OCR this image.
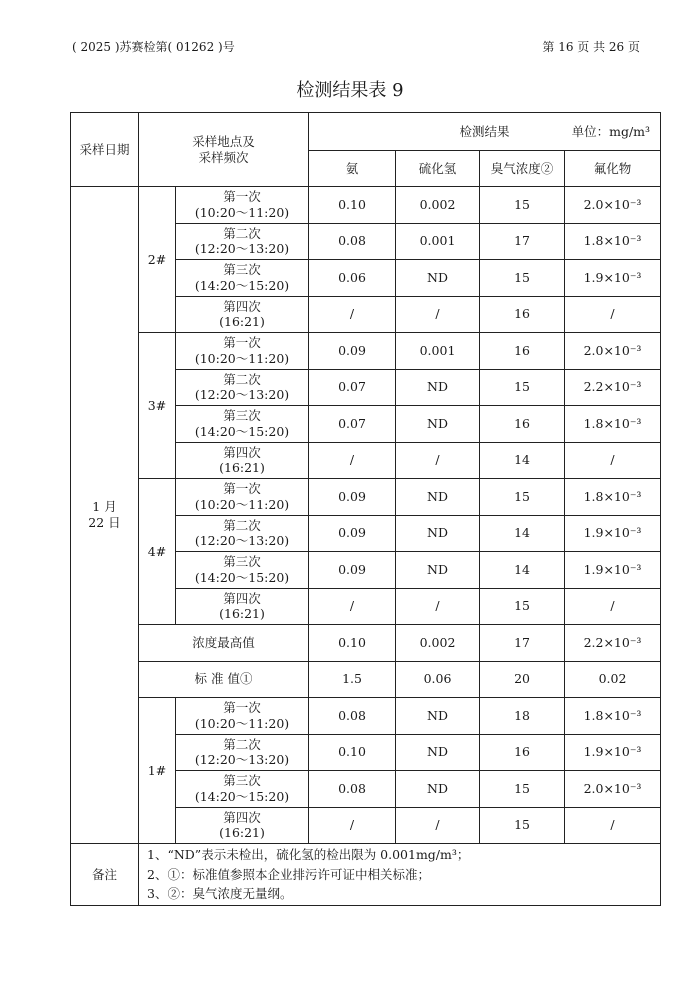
( 2025 )苏赛检第( 01262 )号	第 16 页 共 26 页
检测结果表 9
采样日期	采样地点及
采样频次		检测结果 单位：mg/m³			

			氨	硫化氢	臭气浓度②	氟化物

1 月
22 日	2#	第一次
(10:20～11:20)	0.10	0.002	15	2.0×10⁻³

		第二次
(12:20～13:20)	0.08	0.001	17	1.8×10⁻³

		第三次
(14:20～15:20)	0.06	ND	15	1.9×10⁻³

		第四次
(16:21)	/	/	16	/
	3#	第一次
(10:20～11:20)	0.09	0.001	16	2.0×10⁻³

		第二次
(12:20～13:20)	0.07	ND	15	2.2×10⁻³

		第三次
(14:20～15:20)	0.07	ND	16	1.8×10⁻³

		第四次
(16:21)	/	/	14	/
	4#	第一次
(10:20～11:20)	0.09	ND	15	1.8×10⁻³

		第二次
(12:20～13:20)	0.09	ND	14	1.9×10⁻³

		第三次
(14:20～15:20)	0.09	ND	14	1.9×10⁻³

		第四次
(16:21)	/	/	15	/
	浓度最高值		0.10	0.002	17	2.2×10⁻³
	标 准 值①		1.5	0.06	20	0.02
	1#	第一次
(10:20～11:20)	0.08	ND	18	1.8×10⁻³

		第二次
(12:20～13:20)	0.10	ND	16	1.9×10⁻³

		第三次
(14:20～15:20)	0.08	ND	15	2.0×10⁻³

		第四次
(16:21)	/	/	15	/
备注	1、“ND”表示未检出，硫化氢的检出限为 0.001mg/m³；
2、①：标准值参照本企业排污许可证中相关标准；
3、②：臭气浓度无量纲。					
